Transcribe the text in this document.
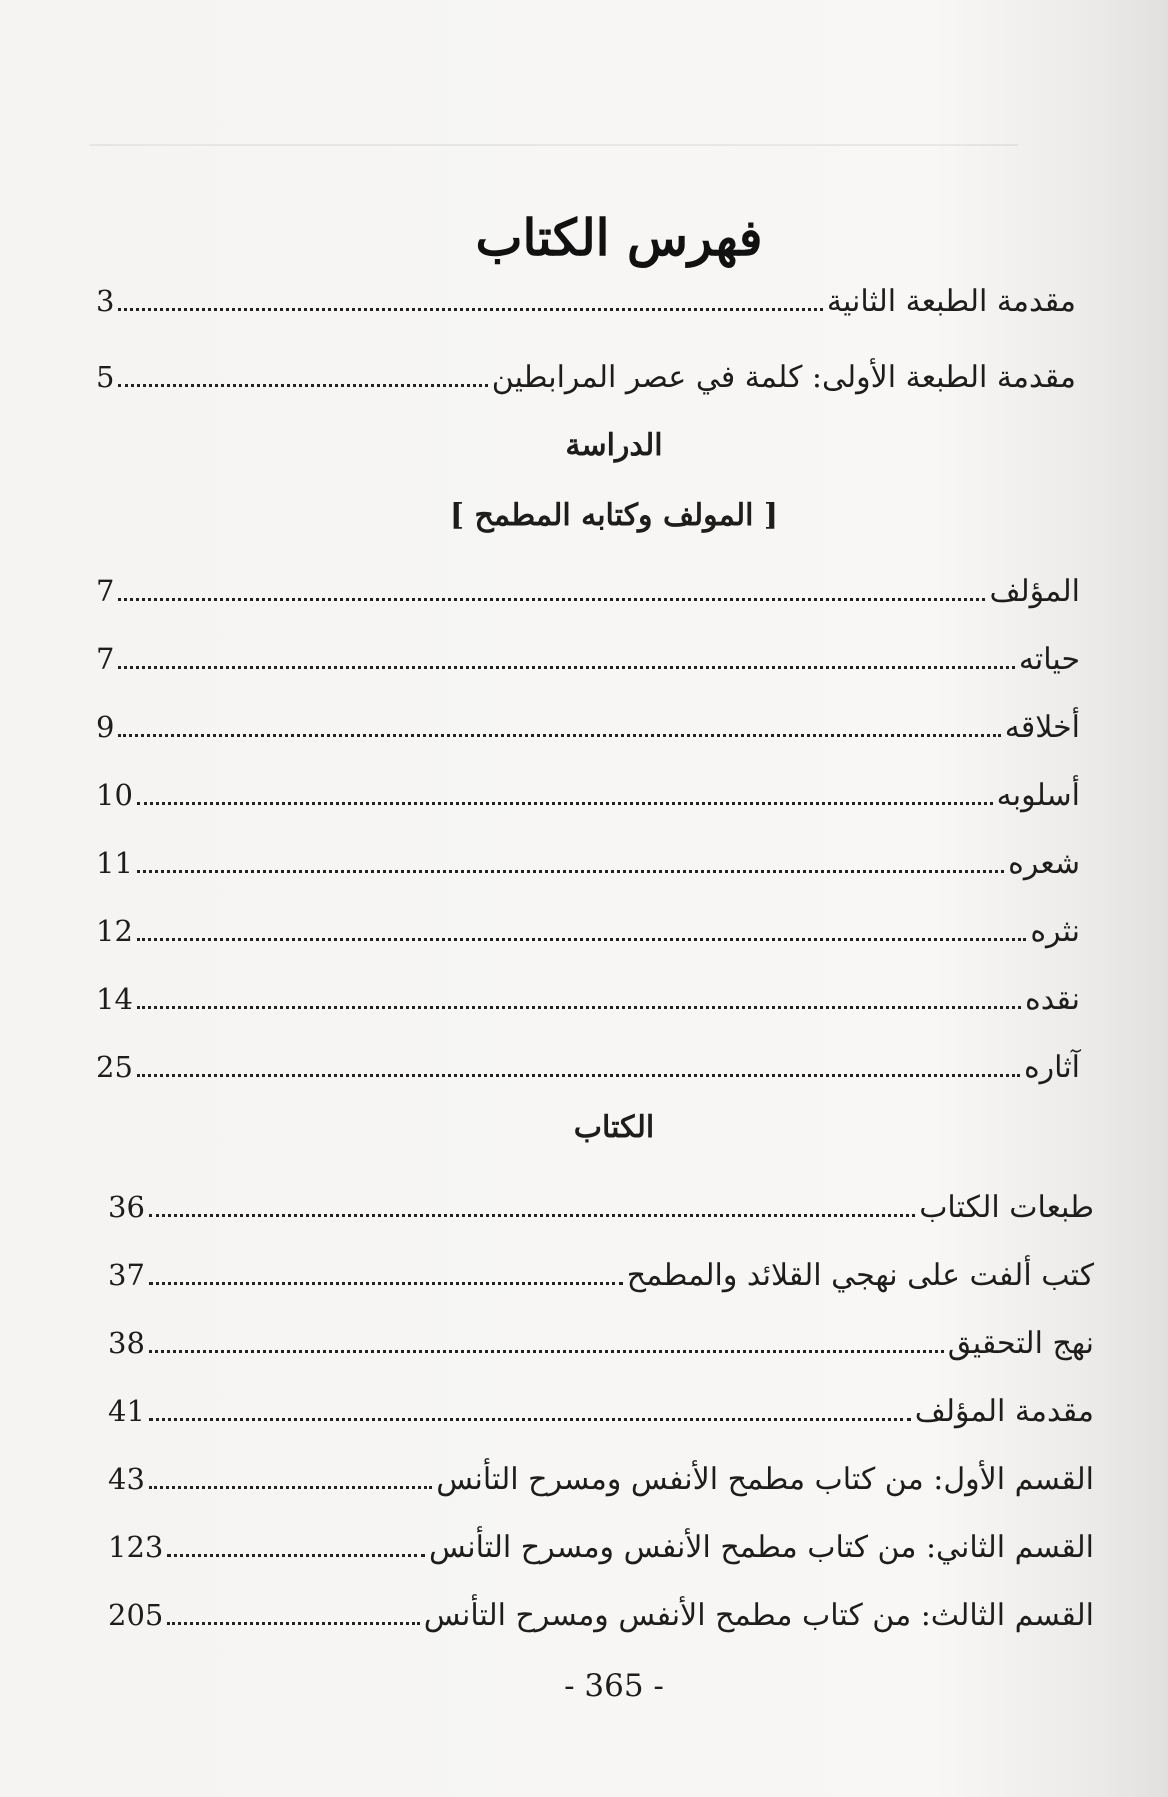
فهرس الكتاب
مقدمة الطبعة الثانية
3
مقدمة الطبعة الأولى: كلمة في عصر المرابطين
5
الدراسة
[ المولف وكتابه المطمح ]
المؤلف
7
حياته
7
أخلاقه
9
أسلوبه
10
شعره
11
نثره
12
نقده
14
آثاره
25
الكتاب
طبعات الكتاب
36
كتب ألفت على نهجي القلائد والمطمح
37
نهج التحقيق
38
مقدمة المؤلف
41
القسم الأول: من كتاب مطمح الأنفس ومسرح التأنس
43
القسم الثاني: من كتاب مطمح الأنفس ومسرح التأنس
123
القسم الثالث: من كتاب مطمح الأنفس ومسرح التأنس
205
- 365 -
